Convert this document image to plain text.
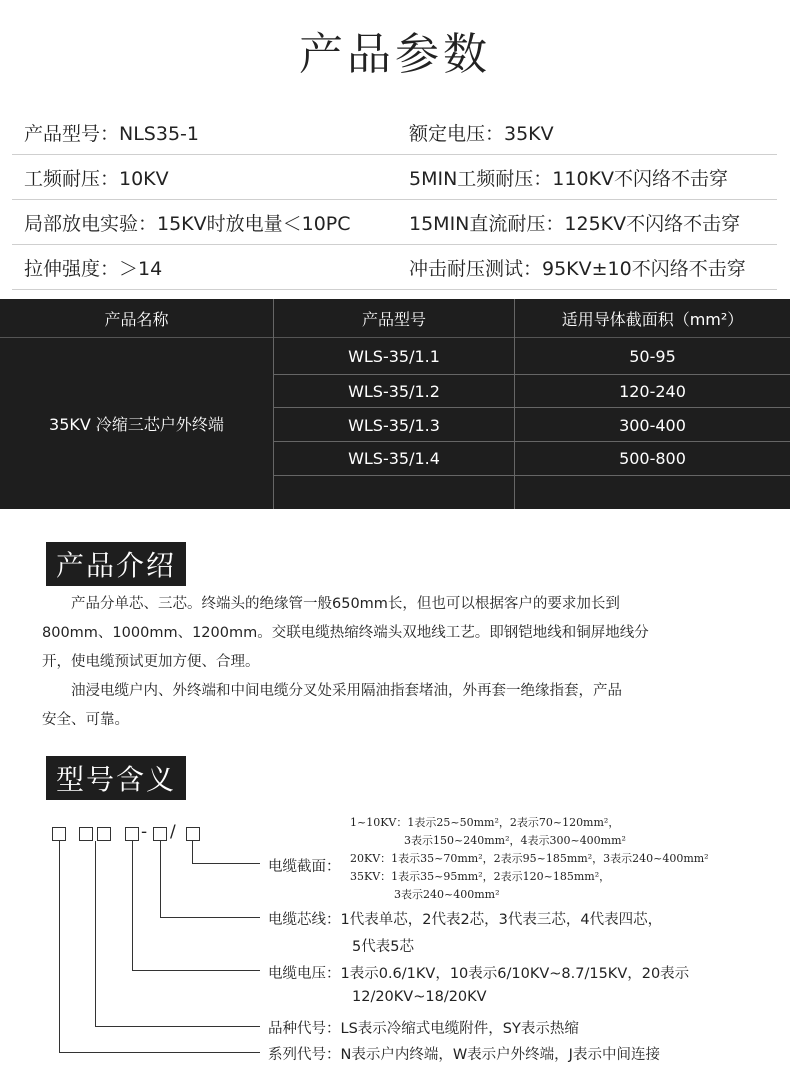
产品参数
产品型号：NLS35-1	额定电压：35KV
工频耐压：10KV	5MIN工频耐压：110KV不闪络不击穿
局部放电实验：15KV时放电量＜10PC	15MIN直流耐压：125KV不闪络不击穿
拉伸强度：＞14	冲击耐压测试：95KV±10不闪络不击穿
产品名称	产品型号	适用导体截面积（mm²）
35KV 冷缩三芯户外终端
WLS-35/1.1	50-95
WLS-35/1.2	120-240
WLS-35/1.3	300-400
WLS-35/1.4	500-800
产品介绍

产品分单芯、三芯。终端头的绝缘管一般650mm长，但也可以根据客户的要求加长到

800mm、1000mm、1200mm。交联电缆热缩终端头双地线工艺。即钢铠地线和铜屏地线分

开，使电缆预试更加方便、合理。

油浸电缆户内、外终端和中间电缆分叉处采用隔油指套堵油，外再套一绝缘指套，产品

安全、可靠。

型号含义
- /	1~10KV：1表示25~50mm²，2表示70~120mm²，
3表示150~240mm²，4表示300~400mm²
电缆截面：
20KV：1表示35~70mm²，2表示95~185mm²，3表示240~400mm²
35KV：1表示35~95mm²，2表示120~185mm²，
3表示240~400mm²
电缆芯线：1代表单芯，2代表2芯，3代表三芯，4代表四芯，
5代表5芯
电缆电压：1表示0.6/1KV，10表示6/10KV~8.7/15KV，20表示
12/20KV~18/20KV
品种代号：LS表示冷缩式电缆附件，SY表示热缩
系列代号：N表示户内终端，W表示户外终端，J表示中间连接
